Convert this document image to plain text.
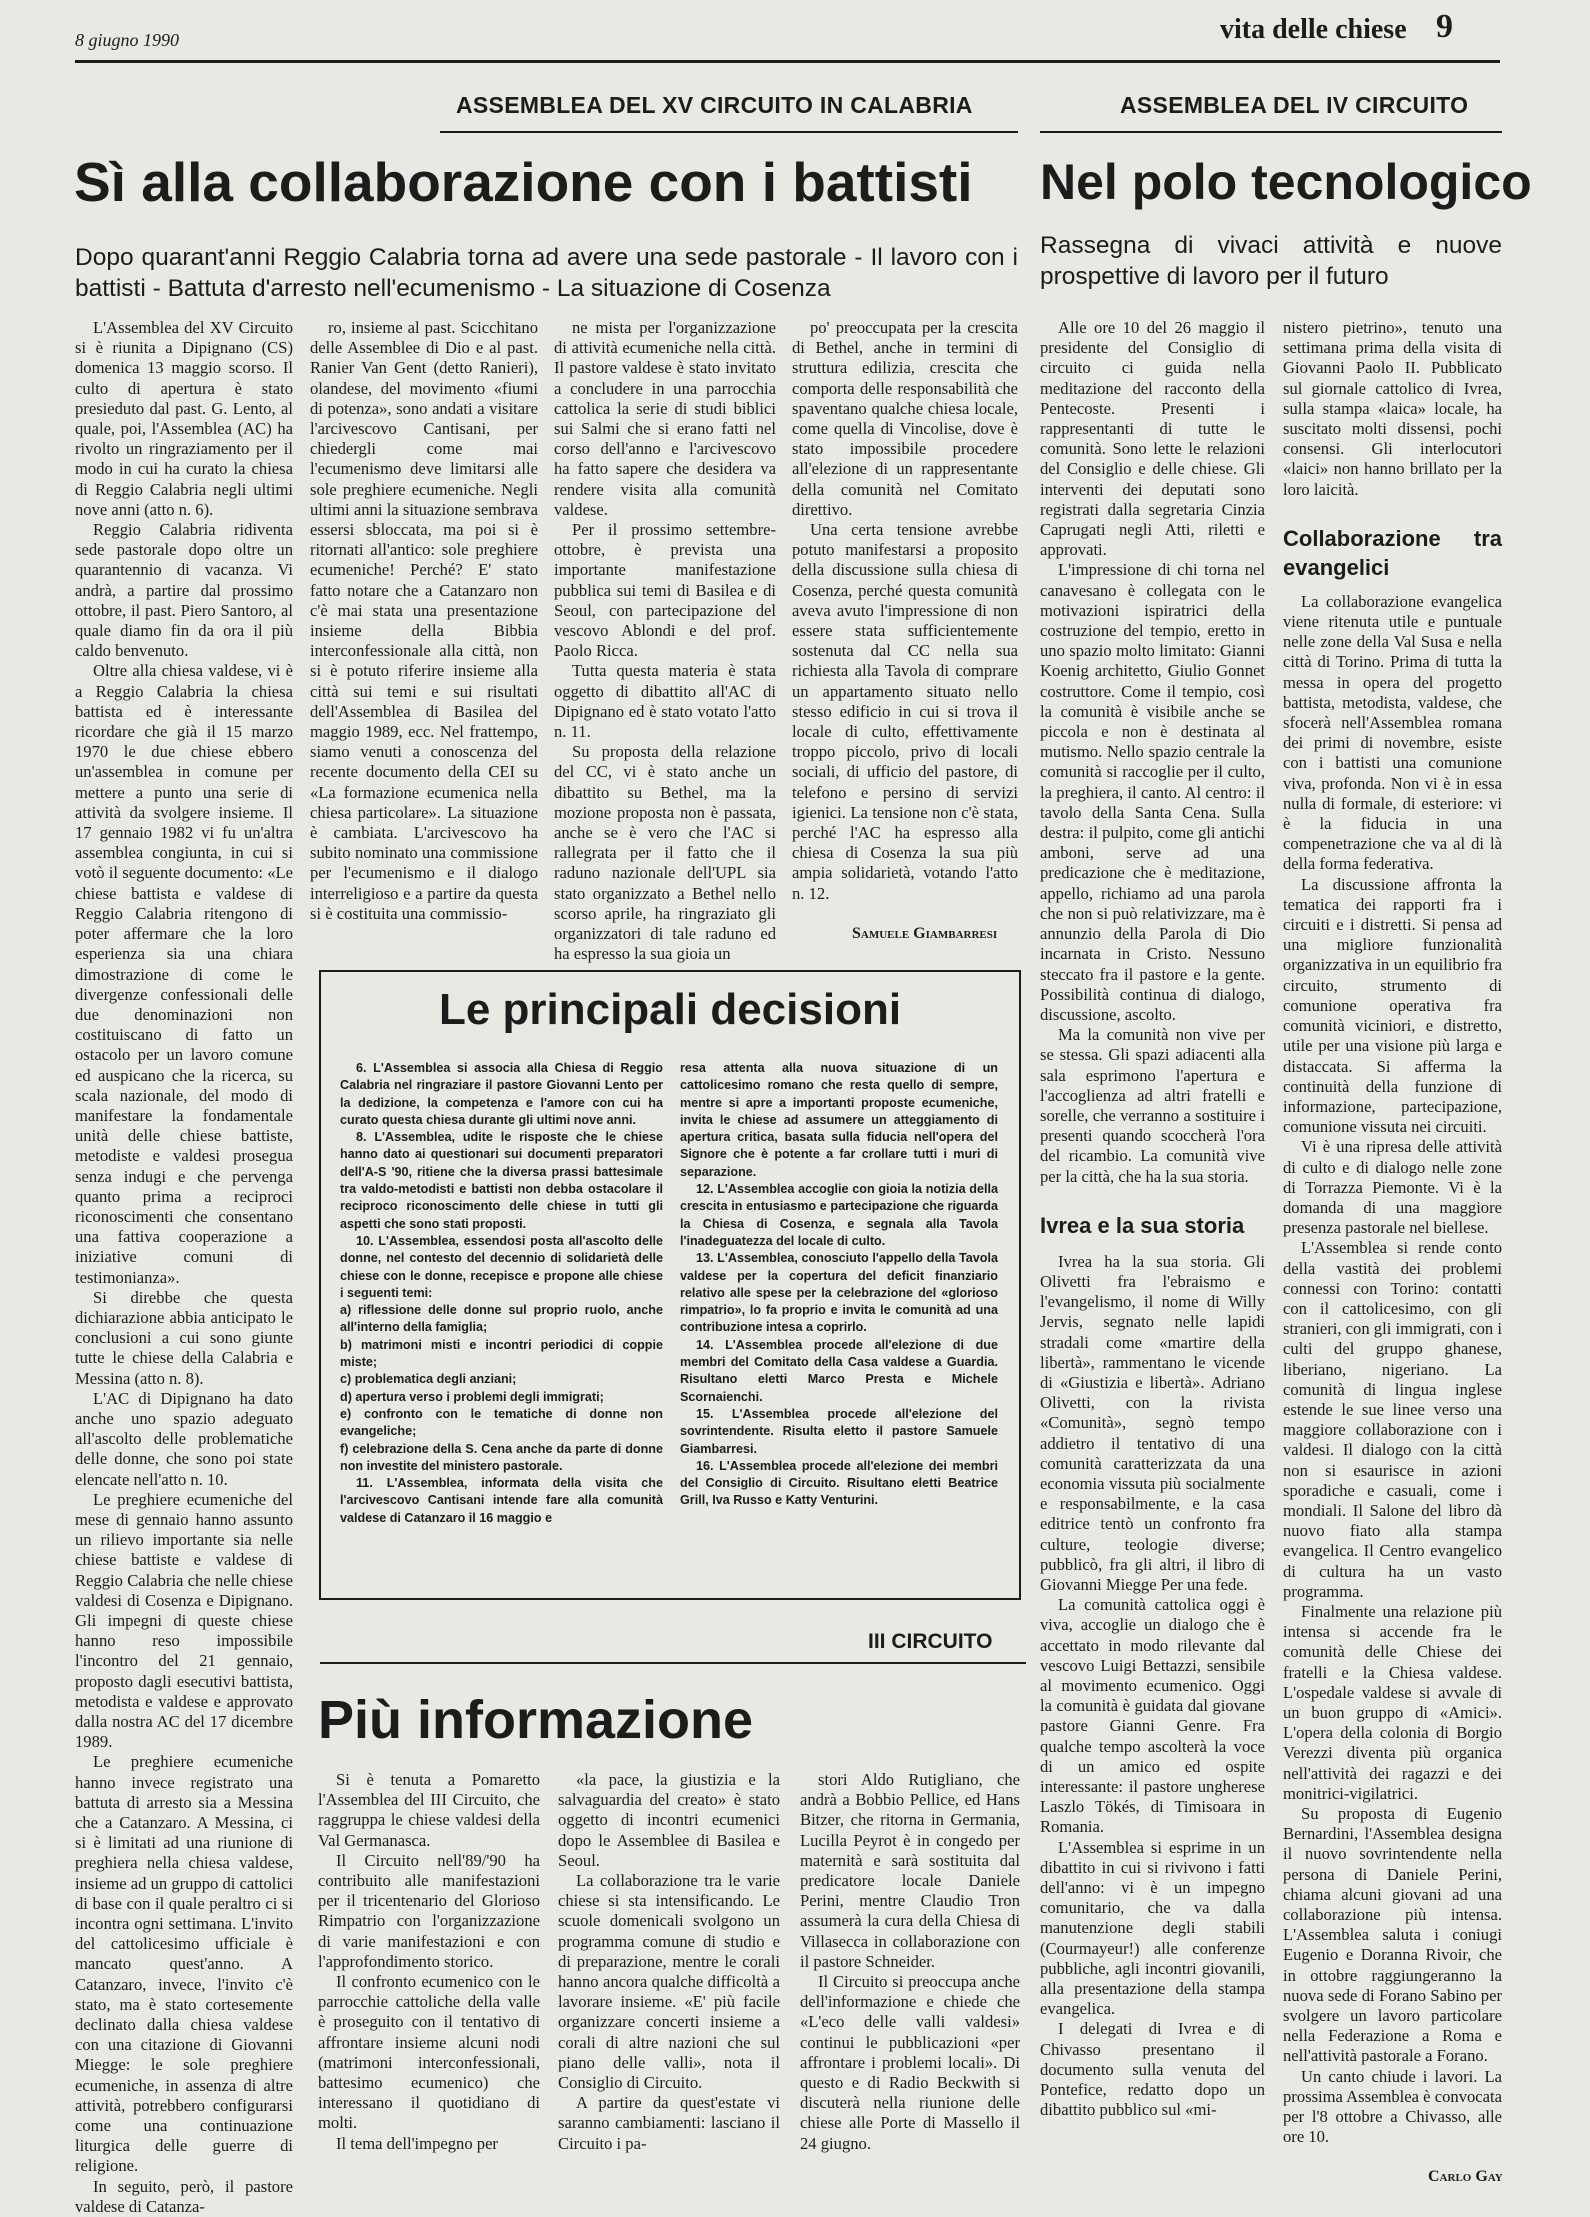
8 giugno 1990	vita delle chiese 9
ASSEMBLEA DEL XV CIRCUITO IN CALABRIA
Sì alla collaborazione con i battisti
Dopo quarant'anni Reggio Calabria torna ad avere una sede pastorale - Il lavoro con i battisti - Battuta d'arresto nell'ecumenismo - La situazione di Cosenza

L'Assemblea del XV Circuito si è riunita a Dipignano (CS) domenica 13 maggio scorso. Il culto di apertura è stato presieduto dal past. G. Lento, al quale, poi, l'Assemblea (AC) ha rivolto un ringraziamento per il modo in cui ha curato la chiesa di Reggio Calabria negli ultimi nove anni (atto n. 6).

Reggio Calabria ridiventa sede pastorale dopo oltre un quarantennio di vacanza. Vi andrà, a partire dal prossimo ottobre, il past. Piero Santoro, al quale diamo fin da ora il più caldo benvenuto.

Oltre alla chiesa valdese, vi è a Reggio Calabria la chiesa battista ed è interessante ricordare che già il 15 marzo 1970 le due chiese ebbero un'assemblea in comune per mettere a punto una serie di attività da svolgere insieme. Il 17 gennaio 1982 vi fu un'altra assemblea congiunta, in cui si votò il seguente documento: «Le chiese battista e valdese di Reggio Calabria ritengono di poter affermare che la loro esperienza sia una chiara dimostrazione di come le divergenze confessionali delle due denominazioni non costituiscano di fatto un ostacolo per un lavoro comune ed auspicano che la ricerca, su scala nazionale, del modo di manifestare la fondamentale unità delle chiese battiste, metodiste e valdesi prosegua senza indugi e che pervenga quanto prima a reciproci riconoscimenti che consentano una fattiva cooperazione a iniziative comuni di testimonianza».

Si direbbe che questa dichiarazione abbia anticipato le conclusioni a cui sono giunte tutte le chiese della Calabria e Messina (atto n. 8).

L'AC di Dipignano ha dato anche uno spazio adeguato all'ascolto delle problematiche delle donne, che sono poi state elencate nell'atto n. 10.

Le preghiere ecumeniche del mese di gennaio hanno assunto un rilievo importante sia nelle chiese battiste e valdese di Reggio Calabria che nelle chiese valdesi di Cosenza e Dipignano. Gli impegni di queste chiese hanno reso impossibile l'incontro del 21 gennaio, proposto dagli esecutivi battista, metodista e valdese e approvato dalla nostra AC del 17 dicembre 1989.

Le preghiere ecumeniche hanno invece registrato una battuta di arresto sia a Messina che a Catanzaro. A Messina, ci si è limitati ad una riunione di preghiera nella chiesa valdese, insieme ad un gruppo di cattolici di base con il quale peraltro ci si incontra ogni settimana. L'invito del cattolicesimo ufficiale è mancato quest'anno. A Catanzaro, invece, l'invito c'è stato, ma è stato cortesemente declinato dalla chiesa valdese con una citazione di Giovanni Miegge: le sole preghiere ecumeniche, in assenza di altre attività, potrebbero configurarsi come una continuazione liturgica delle guerre di religione.

In seguito, però, il pastore valdese di Catanza-

ro, insieme al past. Scicchitano delle Assemblee di Dio e al past. Ranier Van Gent (detto Ranieri), olandese, del movimento «fiumi di potenza», sono andati a visitare l'arcivescovo Cantisani, per chiedergli come mai l'ecumenismo deve limitarsi alle sole preghiere ecumeniche. Negli ultimi anni la situazione sembrava essersi sbloccata, ma poi si è ritornati all'antico: sole preghiere ecumeniche! Perché? E' stato fatto notare che a Catanzaro non c'è mai stata una presentazione insieme della Bibbia interconfessionale alla città, non si è potuto riferire insieme alla città sui temi e sui risultati dell'Assemblea di Basilea del maggio 1989, ecc. Nel frattempo, siamo venuti a conoscenza del recente documento della CEI su «La formazione ecumenica nella chiesa particolare». La situazione è cambiata. L'arcivescovo ha subito nominato una commissione per l'ecumenismo e il dialogo interreligioso e a partire da questa si è costituita una commissio-

ne mista per l'organizzazione di attività ecumeniche nella città. Il pastore valdese è stato invitato a concludere in una parrocchia cattolica la serie di studi biblici sui Salmi che si erano fatti nel corso dell'anno e l'arcivescovo ha fatto sapere che desidera va rendere visita alla comunità valdese.

Per il prossimo settembre-ottobre, è prevista una importante manifestazione pubblica sui temi di Basilea e di Seoul, con partecipazione del vescovo Ablondi e del prof. Paolo Ricca.

Tutta questa materia è stata oggetto di dibattito all'AC di Dipignano ed è stato votato l'atto n. 11.

Su proposta della relazione del CC, vi è stato anche un dibattito su Bethel, ma la mozione proposta non è passata, anche se è vero che l'AC si rallegrata per il fatto che il raduno nazionale dell'UPL sia stato organizzato a Bethel nello scorso aprile, ha ringraziato gli organizzatori di tale raduno ed ha espresso la sua gioia un

po' preoccupata per la crescita di Bethel, anche in termini di struttura edilizia, crescita che comporta delle responsabilità che spaventano qualche chiesa locale, come quella di Vincolise, dove è stato impossibile procedere all'elezione di un rappresentante della comunità nel Comitato direttivo.

Una certa tensione avrebbe potuto manifestarsi a proposito della discussione sulla chiesa di Cosenza, perché questa comunità aveva avuto l'impressione di non essere stata sufficientemente sostenuta dal CC nella sua richiesta alla Tavola di comprare un appartamento situato nello stesso edificio in cui si trova il locale di culto, effettivamente troppo piccolo, privo di locali sociali, di ufficio del pastore, di telefono e persino di servizi igienici. La tensione non c'è stata, perché l'AC ha espresso alla chiesa di Cosenza la sua più ampia solidarietà, votando l'atto n. 12.

Samuele Giambarresi
Le principali decisioni

6. L'Assemblea si associa alla Chiesa di Reggio Calabria nel ringraziare il pastore Giovanni Lento per la dedizione, la competenza e l'amore con cui ha curato questa chiesa durante gli ultimi nove anni.

8. L'Assemblea, udite le risposte che le chiese hanno dato ai questionari sui documenti preparatori dell'A-S '90, ritiene che la diversa prassi battesimale tra valdo-metodisti e battisti non debba ostacolare il reciproco riconoscimento delle chiese in tutti gli aspetti che sono stati proposti.

10. L'Assemblea, essendosi posta all'ascolto delle donne, nel contesto del decennio di solidarietà delle chiese con le donne, recepisce e propone alle chiese i seguenti temi:

a) riflessione delle donne sul proprio ruolo, anche all'interno della famiglia;

b) matrimoni misti e incontri periodici di coppie miste;

c) problematica degli anziani;

d) apertura verso i problemi degli immigrati;

e) confronto con le tematiche di donne non evangeliche;

f) celebrazione della S. Cena anche da parte di donne non investite del ministero pastorale.

11. L'Assemblea, informata della visita che l'arcivescovo Cantisani intende fare alla comunità valdese di Catanzaro il 16 maggio e

resa attenta alla nuova situazione di un cattolicesimo romano che resta quello di sempre, mentre si apre a importanti proposte ecumeniche, invita le chiese ad assumere un atteggiamento di apertura critica, basata sulla fiducia nell'opera del Signore che è potente a far crollare tutti i muri di separazione.

12. L'Assemblea accoglie con gioia la notizia della crescita in entusiasmo e partecipazione che riguarda la Chiesa di Cosenza, e segnala alla Tavola l'inadeguatezza del locale di culto.

13. L'Assemblea, conosciuto l'appello della Tavola valdese per la copertura del deficit finanziario relativo alle spese per la celebrazione del «glorioso rimpatrio», lo fa proprio e invita le comunità ad una contribuzione intesa a coprirlo.

14. L'Assemblea procede all'elezione di due membri del Comitato della Casa valdese a Guardia. Risultano eletti Marco Presta e Michele Scornaienchi.

15. L'Assemblea procede all'elezione del sovrintendente. Risulta eletto il pastore Samuele Giambarresi.

16. L'Assemblea procede all'elezione dei membri del Consiglio di Circuito. Risultano eletti Beatrice Grill, Iva Russo e Katty Venturini.

III CIRCUITO
Più informazione

Si è tenuta a Pomaretto l'Assemblea del III Circuito, che raggruppa le chiese valdesi della Val Germanasca.

Il Circuito nell'89/'90 ha contribuito alle manifestazioni per il tricentenario del Glorioso Rimpatrio con l'organizzazione di varie manifestazioni e con l'approfondimento storico.

Il confronto ecumenico con le parrocchie cattoliche della valle è proseguito con il tentativo di affrontare insieme alcuni nodi (matrimoni interconfessionali, battesimo ecumenico) che interessano il quotidiano di molti.

Il tema dell'impegno per

«la pace, la giustizia e la salvaguardia del creato» è stato oggetto di incontri ecumenici dopo le Assemblee di Basilea e Seoul.

La collaborazione tra le varie chiese si sta intensificando. Le scuole domenicali svolgono un programma comune di studio e di preparazione, mentre le corali hanno ancora qualche difficoltà a lavorare insieme. «E' più facile organizzare concerti insieme a corali di altre nazioni che sul piano delle valli», nota il Consiglio di Circuito.

A partire da quest'estate vi saranno cambiamenti: lasciano il Circuito i pa-

stori Aldo Rutigliano, che andrà a Bobbio Pellice, ed Hans Bitzer, che ritorna in Germania, Lucilla Peyrot è in congedo per maternità e sarà sostituita dal predicatore locale Daniele Perini, mentre Claudio Tron assumerà la cura della Chiesa di Villasecca in collaborazione con il pastore Schneider.

Il Circuito si preoccupa anche dell'informazione e chiede che «L'eco delle valli valdesi» continui le pubblicazioni «per affrontare i problemi locali». Di questo e di Radio Beckwith si discuterà nella riunione delle chiese alle Porte di Massello il 24 giugno.

ASSEMBLEA DEL IV CIRCUITO
Nel polo tecnologico
Rassegna di vivaci attività e nuove prospettive di lavoro per il futuro

Alle ore 10 del 26 maggio il presidente del Consiglio di circuito ci guida nella meditazione del racconto della Pentecoste. Presenti i rappresentanti di tutte le comunità. Sono lette le relazioni del Consiglio e delle chiese. Gli interventi dei deputati sono registrati dalla segretaria Cinzia Caprugati negli Atti, riletti e approvati.

L'impressione di chi torna nel canavesano è collegata con le motivazioni ispiratrici della costruzione del tempio, eretto in uno spazio molto limitato: Gianni Koenig architetto, Giulio Gonnet costruttore. Come il tempio, così la comunità è visibile anche se piccola e non è destinata al mutismo. Nello spazio centrale la comunità si raccoglie per il culto, la preghiera, il canto. Al centro: il tavolo della Santa Cena. Sulla destra: il pulpito, come gli antichi amboni, serve ad una predicazione che è meditazione, appello, richiamo ad una parola che non si può relativizzare, ma è annunzio della Parola di Dio incarnata in Cristo. Nessuno steccato fra il pastore e la gente. Possibilità continua di dialogo, discussione, ascolto.

Ma la comunità non vive per se stessa. Gli spazi adiacenti alla sala esprimono l'apertura e l'accoglienza ad altri fratelli e sorelle, che verranno a sostituire i presenti quando scoccherà l'ora del ricambio. La comunità vive per la città, che ha la sua storia.

Ivrea e la sua storia

Ivrea ha la sua storia. Gli Olivetti fra l'ebraismo e l'evangelismo, il nome di Willy Jervis, segnato nelle lapidi stradali come «martire della libertà», rammentano le vicende di «Giustizia e libertà». Adriano Olivetti, con la rivista «Comunità», segnò tempo addietro il tentativo di una comunità caratterizzata da una economia vissuta più socialmente e responsabilmente, e la casa editrice tentò un confronto fra culture, teologie diverse; pubblicò, fra gli altri, il libro di Giovanni Miegge Per una fede.

La comunità cattolica oggi è viva, accoglie un dialogo che è accettato in modo rilevante dal vescovo Luigi Bettazzi, sensibile al movimento ecumenico. Oggi la comunità è guidata dal giovane pastore Gianni Genre. Fra qualche tempo ascolterà la voce di un amico ed ospite interessante: il pastore ungherese Laszlo Tökés, di Timisoara in Romania.

L'Assemblea si esprime in un dibattito in cui si rivivono i fatti dell'anno: vi è un impegno comunitario, che va dalla manutenzione degli stabili (Courmayeur!) alle conferenze pubbliche, agli incontri giovanili, alla presentazione della stampa evangelica.

I delegati di Ivrea e di Chivasso presentano il documento sulla venuta del Pontefice, redatto dopo un dibattito pubblico sul «mi-

nistero pietrino», tenuto una settimana prima della visita di Giovanni Paolo II. Pubblicato sul giornale cattolico di Ivrea, sulla stampa «laica» locale, ha suscitato molti dissensi, pochi consensi. Gli interlocutori «laici» non hanno brillato per la loro laicità.

Collaborazione tra evangelici

La collaborazione evangelica viene ritenuta utile e puntuale nelle zone della Val Susa e nella città di Torino. Prima di tutta la messa in opera del progetto battista, metodista, valdese, che sfocerà nell'Assemblea romana dei primi di novembre, esiste con i battisti una comunione viva, profonda. Non vi è in essa nulla di formale, di esteriore: vi è la fiducia in una compenetrazione che va al di là della forma federativa.

La discussione affronta la tematica dei rapporti fra i circuiti e i distretti. Si pensa ad una migliore funzionalità organizzativa in un equilibrio fra circuito, strumento di comunione operativa fra comunità viciniori, e distretto, utile per una visione più larga e distaccata. Si afferma la continuità della funzione di informazione, partecipazione, comunione vissuta nei circuiti.

Vi è una ripresa delle attività di culto e di dialogo nelle zone di Torrazza Piemonte. Vi è la domanda di una maggiore presenza pastorale nel biellese.

L'Assemblea si rende conto della vastità dei problemi connessi con Torino: contatti con il cattolicesimo, con gli stranieri, con gli immigrati, con i culti del gruppo ghanese, liberiano, nigeriano. La comunità di lingua inglese estende le sue linee verso una maggiore collaborazione con i valdesi. Il dialogo con la città non si esaurisce in azioni sporadiche e casuali, come i mondiali. Il Salone del libro dà nuovo fiato alla stampa evangelica. Il Centro evangelico di cultura ha un vasto programma.

Finalmente una relazione più intensa si accende fra le comunità delle Chiese dei fratelli e la Chiesa valdese. L'ospedale valdese si avvale di un buon gruppo di «Amici». L'opera della colonia di Borgio Verezzi diventa più organica nell'attività dei ragazzi e dei monitrici-vigilatrici.

Su proposta di Eugenio Bernardini, l'Assemblea designa il nuovo sovrintendente nella persona di Daniele Perini, chiama alcuni giovani ad una collaborazione più intensa. L'Assemblea saluta i coniugi Eugenio e Doranna Rivoir, che in ottobre raggiungeranno la nuova sede di Forano Sabino per svolgere un lavoro particolare nella Federazione a Roma e nell'attività pastorale a Forano.

Un canto chiude i lavori. La prossima Assemblea è convocata per l'8 ottobre a Chivasso, alle ore 10.

Carlo Gay
